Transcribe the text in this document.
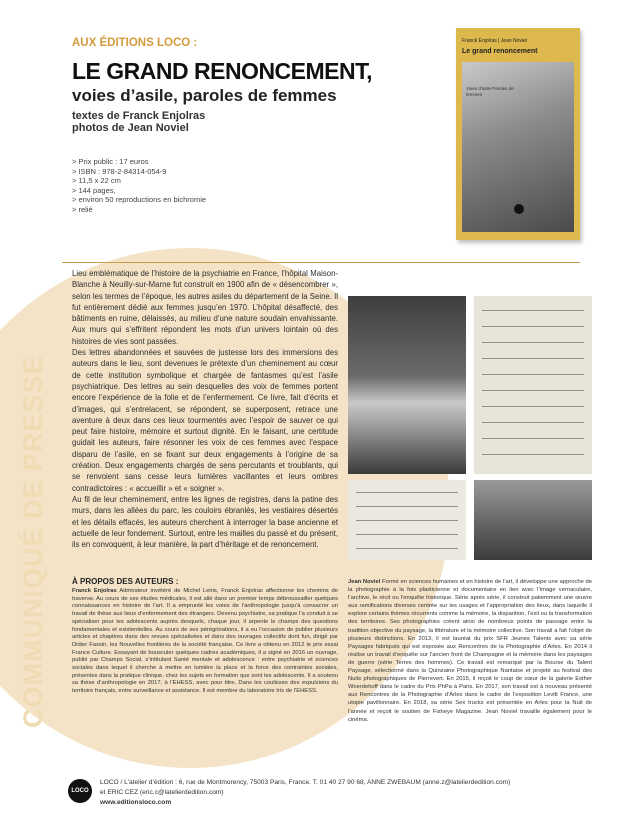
COMMUNIQUÉ DE PRESSE
AUX ÉDITIONS LOCO :
LE GRAND RENONCEMENT,
voies d’asile, paroles de femmes
textes de Franck Enjolras
photos de Jean Noviel
> Prix public : 17 euros
> ISBN : 978-2-84314-054-9
> 11,5 x 22 cm
> 144 pages,
> environ 50 reproductions en bichromie
> relié
Franck Enjolras | Jean Noviel
Le grand renoncement
Voies d’asile Paroles de femmes

Lieu emblématique de l’histoire de la psychiatrie en France, l’hôpital Maison-Blanche à Neuilly-sur-Marne fut construit en 1900 afin de « désencombrer », selon les termes de l’époque, les autres asiles du département de la Seine. Il fut entièrement dédié aux femmes jusqu’en 1970. L’hôpital désaffecté, des bâtiments en ruine, délaissés, au milieu d’une nature soudain envahissante. Aux murs qui s’effritent répondent les mots d’un univers lointain où des histoires de vies sont passées.

Des lettres abandonnées et sauvées de justesse lors des immersions des auteurs dans le lieu, sont devenues le prétexte d’un cheminement au cœur de cette institution symbolique et chargée de fantasmes qu’est l’asile psychiatrique. Des lettres au sein desquelles des voix de femmes portent encore l’expérience de la folie et de l’enfermement. Ce livre, fait d’écrits et d’images, qui s’entrelacent, se répondent, se superposent, retrace une aventure à deux dans ces lieux tourmentés avec l’espoir de sauver ce qui peut faire histoire, mémoire et surtout dignité. En le faisant, une certitude guidait les auteurs, faire résonner les voix de ces femmes avec l’espace disparu de l’asile, en se fixant sur deux engagements à l’origine de sa création. Deux engagements chargés de sens percutants et troublants, qui se renvoient sans cesse leurs lumières vacillantes et leurs ombres contradictoires : « accueillir » et « soigner ».

Au fil de leur cheminement, entre les lignes de registres, dans la patine des murs, dans les allées du parc, les couloirs ébranlés, les vestiaires désertés et les détails effacés, les auteurs cherchent à interroger la base ancienne et actuelle de leur fondement. Surtout, entre les mailles du passé et du présent, ils en convoquent, à leur manière, la part d’héritage et de renoncement.

À PROPOS DES AUTEURS :

Franck Enjolras Admirateur invétéré de Michel Leiris, Franck Enjolras affectionne les chemins de traverse. Au cours de ses études médicales, il est allé dans un premier temps débroussailler quelques connaissances en histoire de l’art. Il a emprunté les voies de l’anthropologie jusqu’à consacrer un travail de thèse aux lieux d’enfermement des étrangers. Devenu psychiatre, sa pratique l’a conduit à se spécialiser pour les adolescents auprès desquels, chaque jour, il arpente le champs des questions fondamentales et existentielles. Au cours de ses pérégrinations, il a eu l’occasion de publier plusieurs articles et chapitres dans des revues spécialisées et dans des ouvrages collectifs dont fun, dirigé par Didier Fassin, les Nouvelles frontières de la société française. Ce livre a obtenu en 2012 le prix essai France Culture. Essayant de bousculer quelques cadres académiques, il a signé en 2016 un ouvrage, publié par Champs Social, s’intitulant Santé mentale et adolescence : entre psychiatrie et sciences sociales dans lequel il cherche à mettre en lumière la place et la force des contraintes sociales, présentes dans la pratique clinique, chez les sujets en formation que sont les adolescents. Il a soutenu sa thèse d’anthropologie en 2017, à l’EHESS, avec pour titre, Dans les coulisses des expulsions du territoire français, entre surveillance et assistance. Il est membre du laboratoire Iris de l’EHESS.

Jean Noviel Formé en sciences humaines et en histoire de l’art, il développe une approche de la photographie à la fois plasticienne et documentaire en lien avec l’image vernaculaire, l’archive, le récit ou l’enquête historique. Série après série, il construit patiemment une œuvre aux ramifications diverses centrée sur les usages et l’appropriation des lieux, dans laquelle il explore certains thèmes récurrents comme la mémoire, la disparition, l’exil ou la transformation des territoires. Ses photographies créent ainsi de nombreux points de passage entre la tradition objective du paysage, la littérature et la mémoire collective. Son travail a fait l’objet de plusieurs distinctions. En 2013, il est lauréat du prix SFR Jeunes Talents avec sa série Paysages fabriqués qui est exposée aux Rencontres de la Photographie d’Arles. En 2014 il réalise un travail d’enquête sur l’ancien front de Champagne et la mémoire dans les paysages de guerre (série Terres des hommes). Ce travail est remarqué par la Bourse du Talent Paysage, sélectionné dans la Quinzaine Photographique Nantaise et projeté au festival des Nuits photographiques de Pierrevert. En 2015, il reçoit le coup de cœur de la galerie Esther Woerdehoff dans le cadre du Prix PhPa à Paris. En 2017, son travail est à nouveau présenté aux Rencontres de la Photographie d’Arles dans le cadre de l’exposition Levitt France, une utopie pavillonnaire. En 2018, sa série Sex trucks est présentée en Arles pour la Nuit de l’année et reçoit le soutien de Fisheye Magazine. Jean Noviel travaille également pour le cinéma.

LOCO
LOCO / L’atelier d’édition : 6, rue de Montmorency, 75003 Paris, France. T. 01 40 27 90 68, ANNE ZWEBAUM (anne.z@latelierdedition.com)
et ERIC CEZ (eric.c@latelierdedition.com)
www.editionsloco.com
